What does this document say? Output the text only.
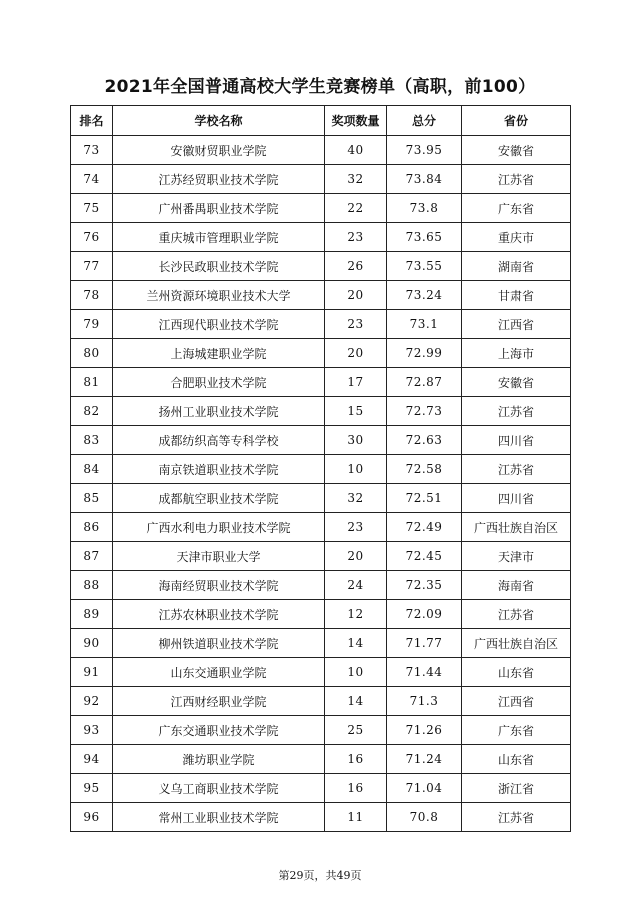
2021年全国普通高校大学生竞赛榜单（高职，前100）
排名	学校名称	奖项数量	总分	省份
73	安徽财贸职业学院	40	73.95	安徽省
74	江苏经贸职业技术学院	32	73.84	江苏省
75	广州番禺职业技术学院	22	73.8	广东省
76	重庆城市管理职业学院	23	73.65	重庆市
77	长沙民政职业技术学院	26	73.55	湖南省
78	兰州资源环境职业技术大学	20	73.24	甘肃省
79	江西现代职业技术学院	23	73.1	江西省
80	上海城建职业学院	20	72.99	上海市
81	合肥职业技术学院	17	72.87	安徽省
82	扬州工业职业技术学院	15	72.73	江苏省
83	成都纺织高等专科学校	30	72.63	四川省
84	南京铁道职业技术学院	10	72.58	江苏省
85	成都航空职业技术学院	32	72.51	四川省
86	广西水利电力职业技术学院	23	72.49	广西壮族自治区
87	天津市职业大学	20	72.45	天津市
88	海南经贸职业技术学院	24	72.35	海南省
89	江苏农林职业技术学院	12	72.09	江苏省
90	柳州铁道职业技术学院	14	71.77	广西壮族自治区
91	山东交通职业学院	10	71.44	山东省
92	江西财经职业学院	14	71.3	江西省
93	广东交通职业技术学院	25	71.26	广东省
94	潍坊职业学院	16	71.24	山东省
95	义乌工商职业技术学院	16	71.04	浙江省
96	常州工业职业技术学院	11	70.8	江苏省
第29页，共49页
